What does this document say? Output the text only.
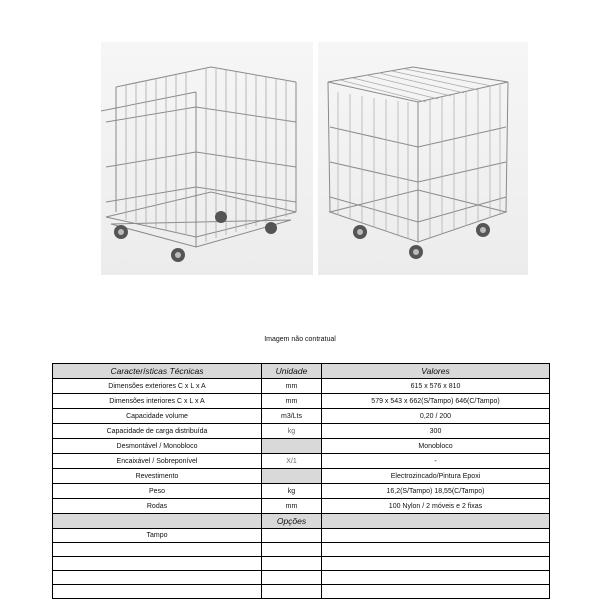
Imagem não contratual
Características Técnicas	Unidade	Valores
Dimensões exteriores C x L x A	mm	615 x 576 x 810
Dimensões interiores C x L x A	mm	579 x 543 x 662(S/Tampo) 646(C/Tampo)
Capacidade volume	m3/Lts	0,20 / 200
Capacidade de carga distribuída	kg	300
Desmontável / Monobloco		Monobloco
Encaixável / Sobreponível	X/1	-
Revestimento		Electrozincado/Pintura Epoxi
Peso	kg	16,2(S/Tampo) 18,55(C/Tampo)
Rodas	mm	100 Nylon / 2 móveis e 2 fixas
	Opções	
Tampo		
